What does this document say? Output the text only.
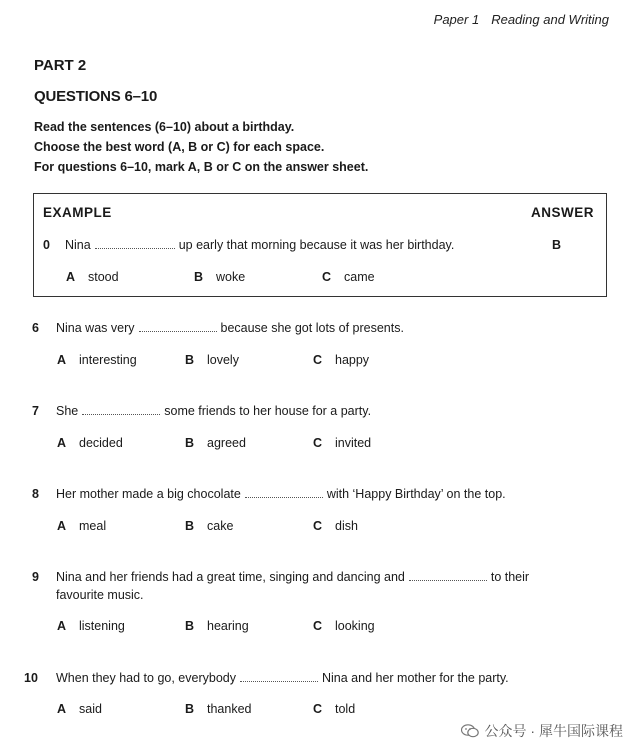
Paper 1 Reading and Writing
PART 2
QUESTIONS 6–10
Read the sentences (6–10) about a birthday.
Choose the best word (A, B or C) for each space.
For questions 6–10, mark A, B or C on the answer sheet.
EXAMPLE	ANSWER
0 Nina	up early that morning because it was her birthday.	B
A stood	B woke	C came
6 Nina was very	because she got lots of presents.
A interesting	B lovely	C happy
7 She	some friends to her house for a party.
A decided	B agreed	C invited
8 Her mother made a big chocolate	with ‘Happy Birthday’ on the top.
A meal	B cake	C dish
9 Nina and her friends had a great time, singing and dancing and	to their
favourite music.
A listening	B hearing	C looking
10 When they had to go, everybody	Nina and her mother for the party.
A said	B thanked	C told
公众号 · 犀牛国际课程
